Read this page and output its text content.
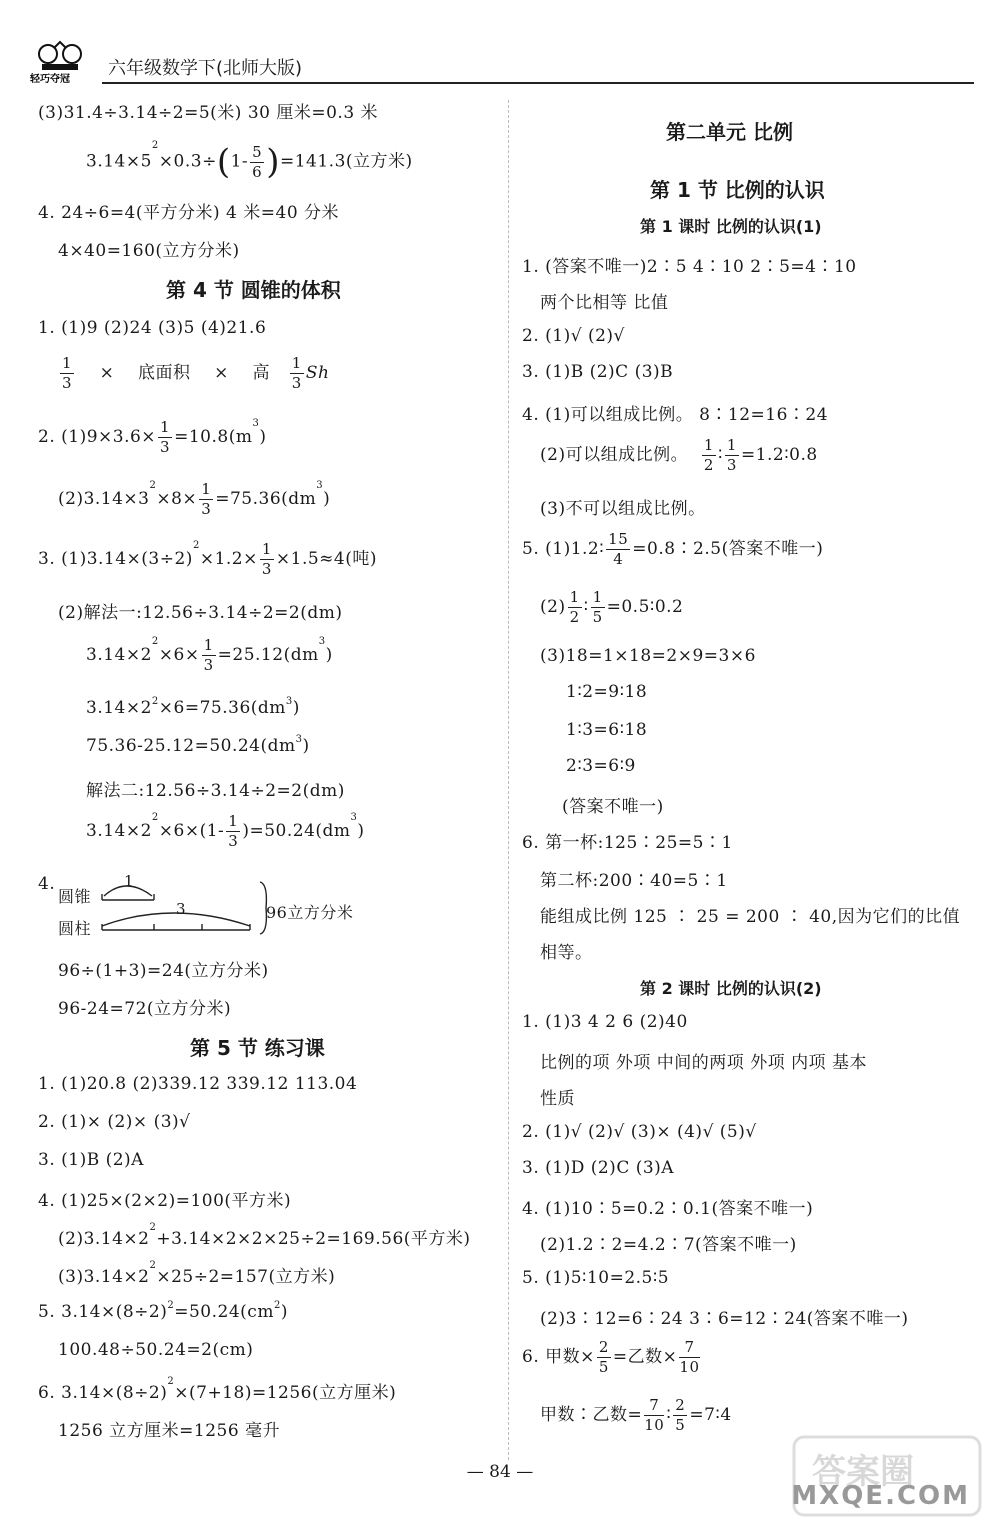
轻巧夺冠
六年级数学下(北师大版)
(3)31.4÷3.14÷2=5(米) 30 厘米=0.3 米
$3.14\times 5^2\times 0.3\div(1- \frac{5}{6} )=141.3$(立方米)
4. 24÷6=4(平方分米) 4 米=40 分米
4×40=160(立方分米)
第 4 节 圆锥的体积
1. (1)9 (2)24 (3)5 (4)21.6
$\frac{1}{3}$ × 底面积 × 高 $\frac{1}{3}$ Sh
2. $(1)9\times 3.6\times \frac{1}{3} =10.8(m^3)$
$(2)3.14\times 3^2\times 8\times \frac{1}{3} =75.36(dm^3)$
3. $(1)3.14\times(3\div 2)^2\times 1.2\times \frac{1}{3} \times 1.5\approx 4$(吨)
(2)解法一:12.56÷3.14÷2=2(dm)
$3.14\times 2^2\times 6\times \frac{1}{3} =25.12(dm^3)$
$3.14\times 2^2\times 6=75.36(dm^3)$
$75.36-25.12=50.24(dm^3)$
解法二:12.56÷3.14÷2=2(dm)
$3.14\times 2^2\times 6\times(1- \frac{1}{3} )=50.24(dm^3)$
4.
圆锥
圆柱
1
3	96立方分米
96÷(1+3)=24(立方分米)
96-24=72(立方分米)
第 5 节 练习课
1. (1)20.8 (2)339.12 339.12 113.04
2. (1)× (2)× (3)√
3. (1)B (2)A
4. (1)25×(2×2)=100(平方米)
$(2)3.14\times 2^2+3.14\times 2\times 2\times 25\div 2=169.56$(平方米)
$(3)3.14\times 2^2\times 25\div 2=157$(立方米)
5. $3.14\times(8\div 2)^2=50.24(cm^2)$
100.48÷50.24=2(cm)
6. $3.14\times(8\div 2)^2\times(7+18)=1256$(立方厘米)
1256 立方厘米=1256 毫升
第二单元 比例
第 1 节 比例的认识
第 1 课时 比例的认识(1)
1. (答案不唯一)2∶5 4∶10 2∶5=4∶10
两个比相等 比值
2. (1)√ (2)√
3. (1)B (2)C (3)B
4. (1)可以组成比例。 8∶12=16∶24
(2)可以组成比例。 $\frac{1}{2}$ ∶ $\frac{1}{3}$ =1.2∶0.8
(3)不可以组成比例。
5. (1)1.2∶ $\frac{15}{4}$ =0.8∶2.5(答案不唯一)
$(2) \frac{1}{2}$ ∶ $\frac{1}{5}$ =0.5∶0.2
(3)18=1×18=2×9=3×6
1∶2=9∶18
1∶3=6∶18
2∶3=6∶9
(答案不唯一)
6. 第一杯:125∶25=5∶1
第二杯:200∶40=5∶1
能组成比例 125 ∶ 25 = 200 ∶ 40,因为它们的比值
相等。
第 2 课时 比例的认识(2)
1. (1)3 4 2 6 (2)40
比例的项 外项 中间的两项 外项 内项 基本
性质
2. (1)√ (2)√ (3)× (4)√ (5)√
3. (1)D (2)C (3)A
4. (1)10∶5=0.2∶0.1(答案不唯一)
(2)1.2∶2=4.2∶7(答案不唯一)
5. (1)5∶10=2.5∶5
(2)3∶12=6∶24 3∶6=12∶24(答案不唯一)
6. 甲数× $\frac{2}{5}$ =乙数× $\frac{7}{10}$
甲数∶乙数= $\frac{7}{10}$ ∶ $\frac{2}{5}$ =7∶4
— 84 —	答案圈
MXQE.COM
